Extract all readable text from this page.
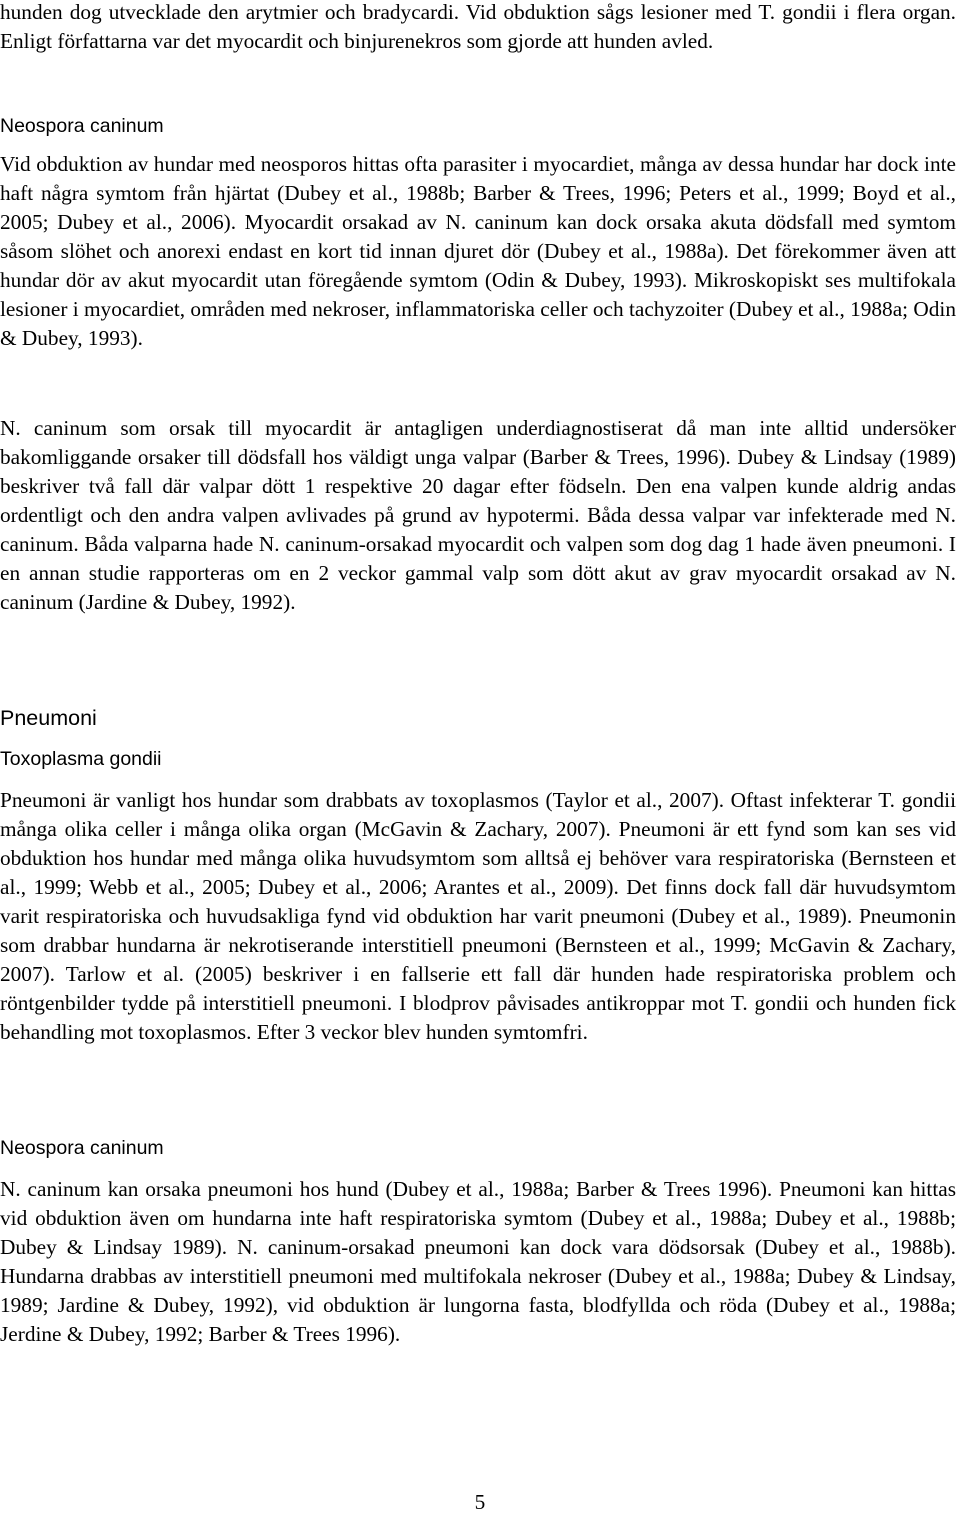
hunden dog utvecklade den arytmier och bradycardi. Vid obduktion sågs lesioner med T. gondii i flera organ. Enligt författarna var det myocardit och binjurenekros som gjorde att hunden avled.

Neospora caninum

Vid obduktion av hundar med neosporos hittas ofta parasiter i myocardiet, många av dessa hundar har dock inte haft några symtom från hjärtat (Dubey et al., 1988b; Barber & Trees, 1996; Peters et al., 1999; Boyd et al., 2005; Dubey et al., 2006). Myocardit orsakad av N. caninum kan dock orsaka akuta dödsfall med symtom såsom slöhet och anorexi endast en kort tid innan djuret dör (Dubey et al., 1988a). Det förekommer även att hundar dör av akut myocardit utan föregående symtom (Odin & Dubey, 1993). Mikroskopiskt ses multifokala lesioner i myocardiet, områden med nekroser, inflammatoriska celler och tachyzoiter (Dubey et al., 1988a; Odin & Dubey, 1993).

N. caninum som orsak till myocardit är antagligen underdiagnostiserat då man inte alltid undersöker bakomliggande orsaker till dödsfall hos väldigt unga valpar (Barber & Trees, 1996). Dubey & Lindsay (1989) beskriver två fall där valpar dött 1 respektive 20 dagar efter födseln. Den ena valpen kunde aldrig andas ordentligt och den andra valpen avlivades på grund av hypotermi. Båda dessa valpar var infekterade med N. caninum. Båda valparna hade N. caninum-orsakad myocardit och valpen som dog dag 1 hade även pneumoni. I en annan studie rapporteras om en 2 veckor gammal valp som dött akut av grav myocardit orsakad av N. caninum (Jardine & Dubey, 1992).

Pneumoni
Toxoplasma gondii

Pneumoni är vanligt hos hundar som drabbats av toxoplasmos (Taylor et al., 2007). Oftast infekterar T. gondii många olika celler i många olika organ (McGavin & Zachary, 2007). Pneumoni är ett fynd som kan ses vid obduktion hos hundar med många olika huvudsymtom som alltså ej behöver vara respiratoriska (Bernsteen et al., 1999; Webb et al., 2005; Dubey et al., 2006; Arantes et al., 2009). Det finns dock fall där huvudsymtom varit respiratoriska och huvudsakliga fynd vid obduktion har varit pneumoni (Dubey et al., 1989). Pneumonin som drabbar hundarna är nekrotiserande interstitiell pneumoni (Bernsteen et al., 1999; McGavin & Zachary, 2007). Tarlow et al. (2005) beskriver i en fallserie ett fall där hunden hade respiratoriska problem och röntgenbilder tydde på interstitiell pneumoni. I blodprov påvisades antikroppar mot T. gondii och hunden fick behandling mot toxoplasmos. Efter 3 veckor blev hunden symtomfri.

Neospora caninum

N. caninum kan orsaka pneumoni hos hund (Dubey et al., 1988a; Barber & Trees 1996). Pneumoni kan hittas vid obduktion även om hundarna inte haft respiratoriska symtom (Dubey et al., 1988a; Dubey et al., 1988b; Dubey & Lindsay 1989). N. caninum-orsakad pneumoni kan dock vara dödsorsak (Dubey et al., 1988b). Hundarna drabbas av interstitiell pneumoni med multifokala nekroser (Dubey et al., 1988a; Dubey & Lindsay, 1989; Jardine & Dubey, 1992), vid obduktion är lungorna fasta, blodfyllda och röda (Dubey et al., 1988a; Jerdine & Dubey, 1992; Barber & Trees 1996).

5
